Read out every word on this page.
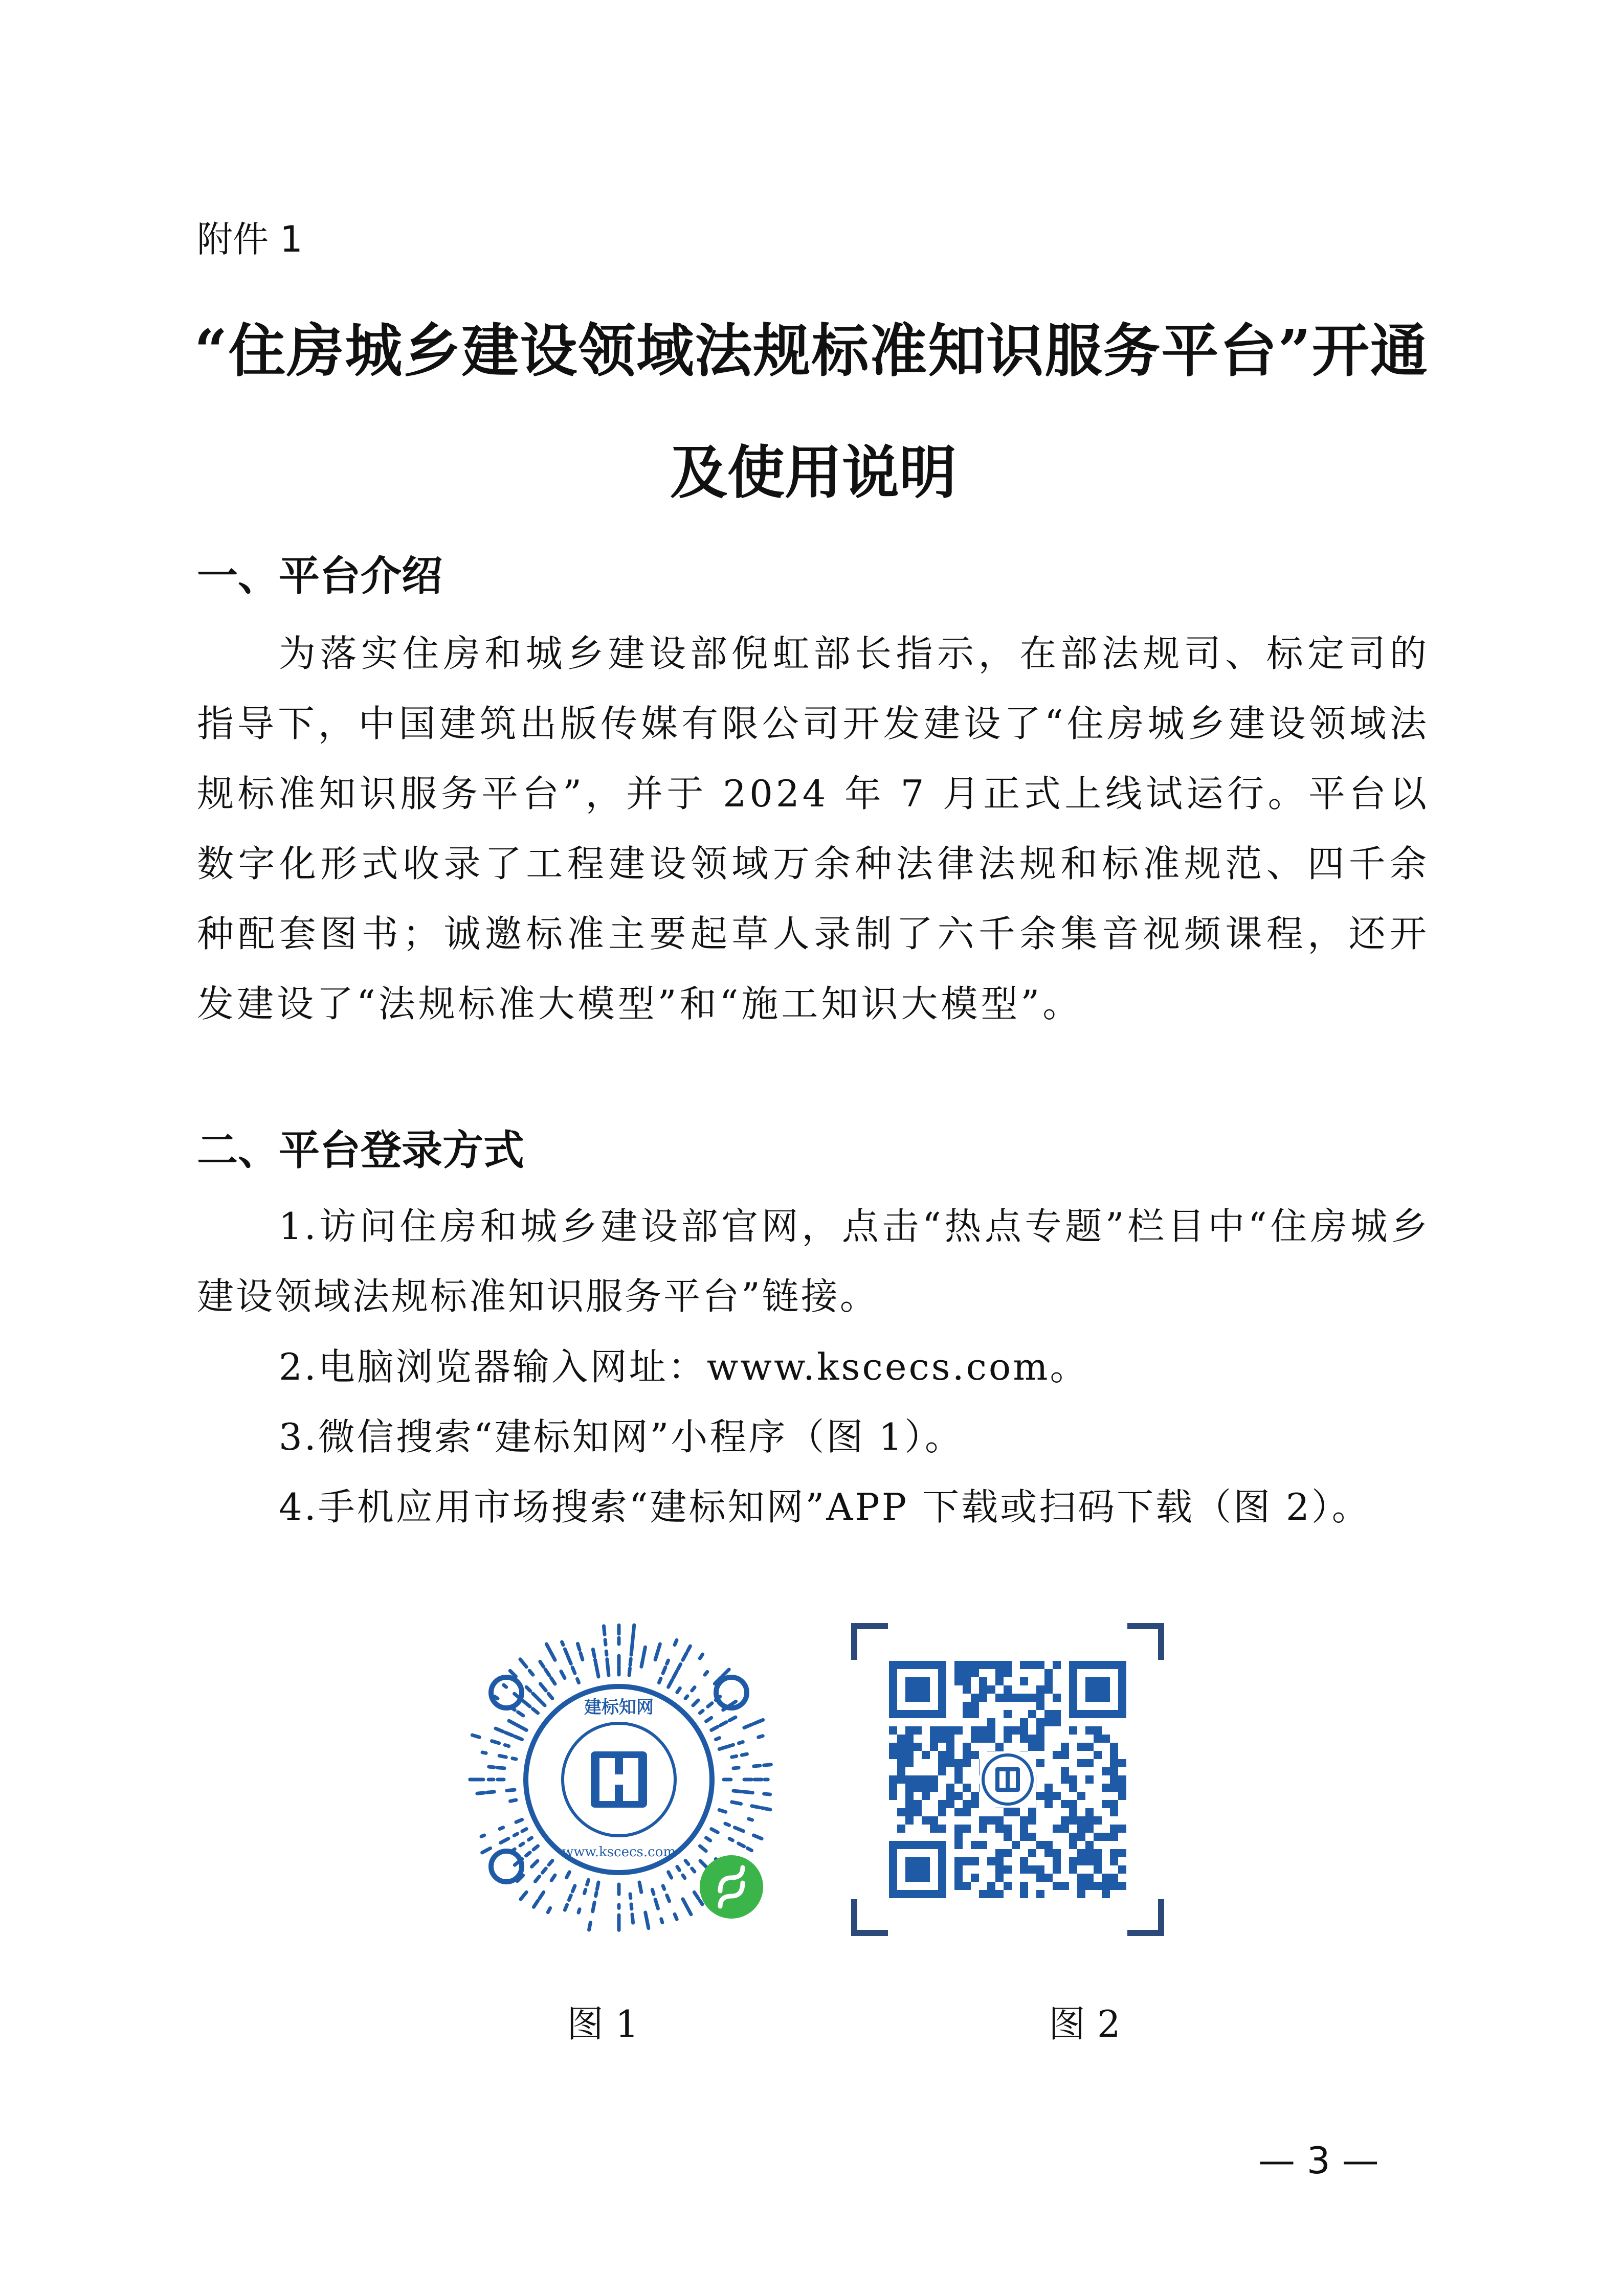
附件 1
“住房城乡建设领域法规标准知识服务平台”开通
及使用说明
一、平台介绍
为落实住房和城乡建设部倪虹部长指示，在部法规司、标定司的指导下，中国建筑出版传媒有限公司开发建设了“住房城乡建设领域法规标准知识服务平台”，并于 2024 年 7 月正式上线试运行。平台以数字化形式收录了工程建设领域万余种法律法规和标准规范、四千余种配套图书；诚邀标准主要起草人录制了六千余集音视频课程，还开发建设了“法规标准大模型”和“施工知识大模型”。
二、平台登录方式
1.访问住房和城乡建设部官网，点击“热点专题”栏目中“住房城乡建设领域法规标准知识服务平台”链接。
2.电脑浏览器输入网址：www.kscecs.com。
3.微信搜索“建标知网”小程序（图 1）。
4.手机应用市场搜索“建标知网”APP 下载或扫码下载（图 2）。
建标知网
www.kscecs.com
图 1	图 2
— 3 —
